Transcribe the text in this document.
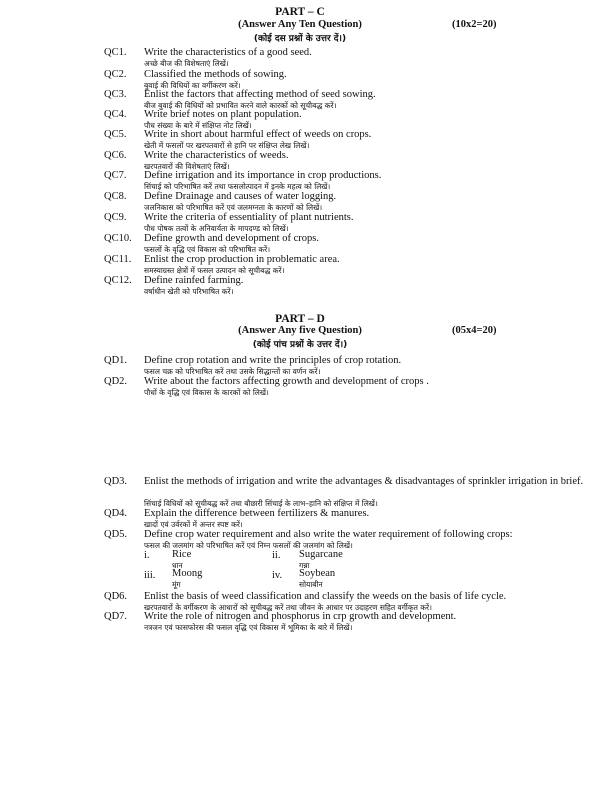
PART – C
(Answer Any Ten Question)
(कोई दस प्रश्नों के उत्तर दें।)
(10x2=20)
QC1. Write the characteristics of a good seed.
अच्छे बीज की विशेषताएं लिखें।
QC2. Classified the methods of sowing.
बुवाई की विधियों का वर्गीकरण करें।
QC3. Enlist the factors that affecting method of seed sowing.
बीज बुवाई की विधियों को प्रभावित करने वाले कारकों को सूचीबद्ध करें।
QC4. Write brief notes on plant population.
पौध संख्या के बारे में संक्षिप्त नोट लिखें।
QC5. Write in short about harmful effect of weeds on crops.
खेती में फसलों पर खरपतवारों से हानि पर संक्षिप्त लेख लिखें।
QC6. Write the characteristics of weeds.
खरपतवारों की विशेषताएं लिखें।
QC7. Define irrigation and its importance in crop productions.
सिंचाई को परिभाषित करें तथा फसलोत्पादन में इनके महत्व को लिखें।
QC8. Define Drainage and causes of water logging.
जलनिकास को परिभाषित करें एवं जलमग्नता के कारणों को लिखें।
QC9. Write the criteria of essentiality of plant nutrients.
पौध पोषक तत्वों के अनिवार्यता के मापदण्ड को लिखें।
QC10. Define growth and development of crops.
फसलों के वृद्धि एवं विकास को परिभाषित करें।
QC11. Enlist the crop production in problematic area.
समस्याग्रस्त क्षेत्रों में फसल उत्पादन को सूचीबद्ध करें।
QC12. Define rainfed farming.
वर्षाधीन खेती को परिभाषित करें।
PART – D
(Answer Any five Question)
(कोई पांच प्रश्नों के उत्तर दें।)
(05x4=20)
QD1. Define crop rotation and write the principles of crop rotation.
फसल चक्र को परिभाषित करें तथा उसके सिद्धान्तों का वर्णन करें।
QD2. Write about the factors affecting growth and development of crops .
पौधों के वृद्धि एवं विकास के कारकों को लिखें।
QD3. Enlist the methods of irrigation and write the advantages & disadvantages of sprinkler irrigation in brief.
सिंचाई विधियों को सूचीबद्ध करें तथा बौछारी सिंचाई के लाभ–हानि को संक्षिप्त में लिखें।
QD4. Explain the difference between fertilizers & manures.
खादों एवं उर्वरकों में अन्तर स्पष्ट करें।
QD5. Define crop water requirement and also write the water requirement of following crops:
फसल की जलमांग को परिभाषित करें एवं निम्न फसलों की जलमांग को लिखें।
i. Rice
धान
ii. Sugarcane
गन्ना
iii. Moong
मूंग
iv. Soybean
सोयाबीन
QD6. Enlist the basis of weed classification and classify the weeds on the basis of life cycle.
खरपतवारों के वर्गीकरण के आधारों को सूचीबद्ध करें तथा जीवन के आधार पर उदाहरण सहित वर्गीकृत करें।
QD7. Write the role of nitrogen and phosphorus in crp growth and development.
नत्रजन एवं फासफोरस की फसल वृद्धि एवं विकास में भूमिका के बारे में लिखें।
